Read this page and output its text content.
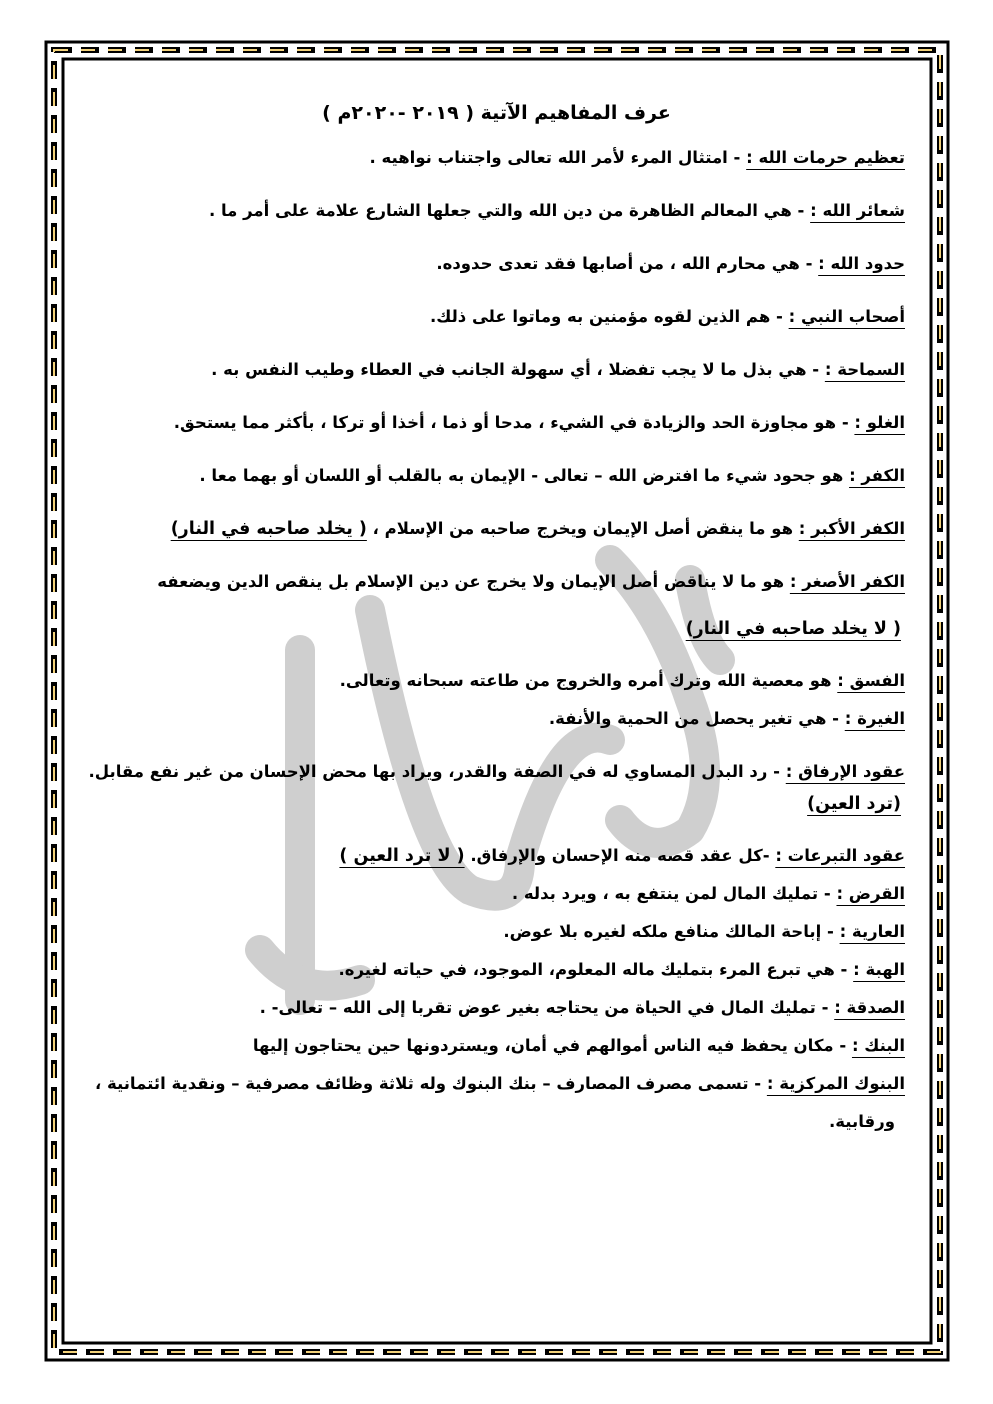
عرف المفاهيم الآتية ( ٢٠١٩ -٢٠٢٠م )
تعظيم حرمات الله : - امتثال المرء لأمر الله تعالى واجتناب نواهيه .
شعائر الله : - هي المعالم الظاهرة من دين الله والتي جعلها الشارع علامة على أمر ما .
حدود الله : - هي محارم الله ، من أصابها فقد تعدى حدوده.
أصحاب النبي : - هم الذين لقوه مؤمنين به وماتوا على ذلك.
السماحة : - هي بذل ما لا يجب تفضلا ، أي سهولة الجانب في العطاء وطيب النفس به .
الغلو : - هو مجاوزة الحد والزيادة في الشيء ، مدحا أو ذما ، أخذا أو تركا ، بأكثر مما يستحق.
الكفر : هو جحود شيء ما افترض الله – تعالى - الإيمان به بالقلب أو اللسان أو بهما معا .
الكفر الأكبر : هو ما ينقض أصل الإيمان ويخرج صاحبه من الإسلام ، ( يخلد صاحبه في النار)
الكفر الأصغر : هو ما لا يناقض أصل الإيمان ولا يخرج عن دين الإسلام بل ينقص الدين ويضعفه
( لا يخلد صاحبه في النار)
الفسق : هو معصية الله وترك أمره والخروج من طاعته سبحانه وتعالى.
الغيرة : - هي تغير يحصل من الحمية والأنفة.
عقود الإرفاق : - رد البدل المساوي له في الصفة والقدر، ويراد بها محض الإحسان من غير نفع مقابل.
(ترد العين)
عقود التبرعات : -كل عقد قصه منه الإحسان والإرفاق. ( لا ترد العين )
القرض : - تمليك المال لمن ينتفع به ، ويرد بدله .
العارية : - إباحة المالك منافع ملكه لغيره بلا عوض.
الهبة : - هي تبرع المرء بتمليك ماله المعلوم، الموجود، في حياته لغيره.
الصدقة : - تمليك المال في الحياة من يحتاجه بغير عوض تقربا إلى الله – تعالى- .
البنك : - مكان يحفظ فيه الناس أموالهم في أمان، ويستردونها حين يحتاجون إليها
البنوك المركزية : - تسمى مصرف المصارف – بنك البنوك وله ثلاثة وظائف مصرفية – ونقدية ائتمانية ،
ورقابية.
